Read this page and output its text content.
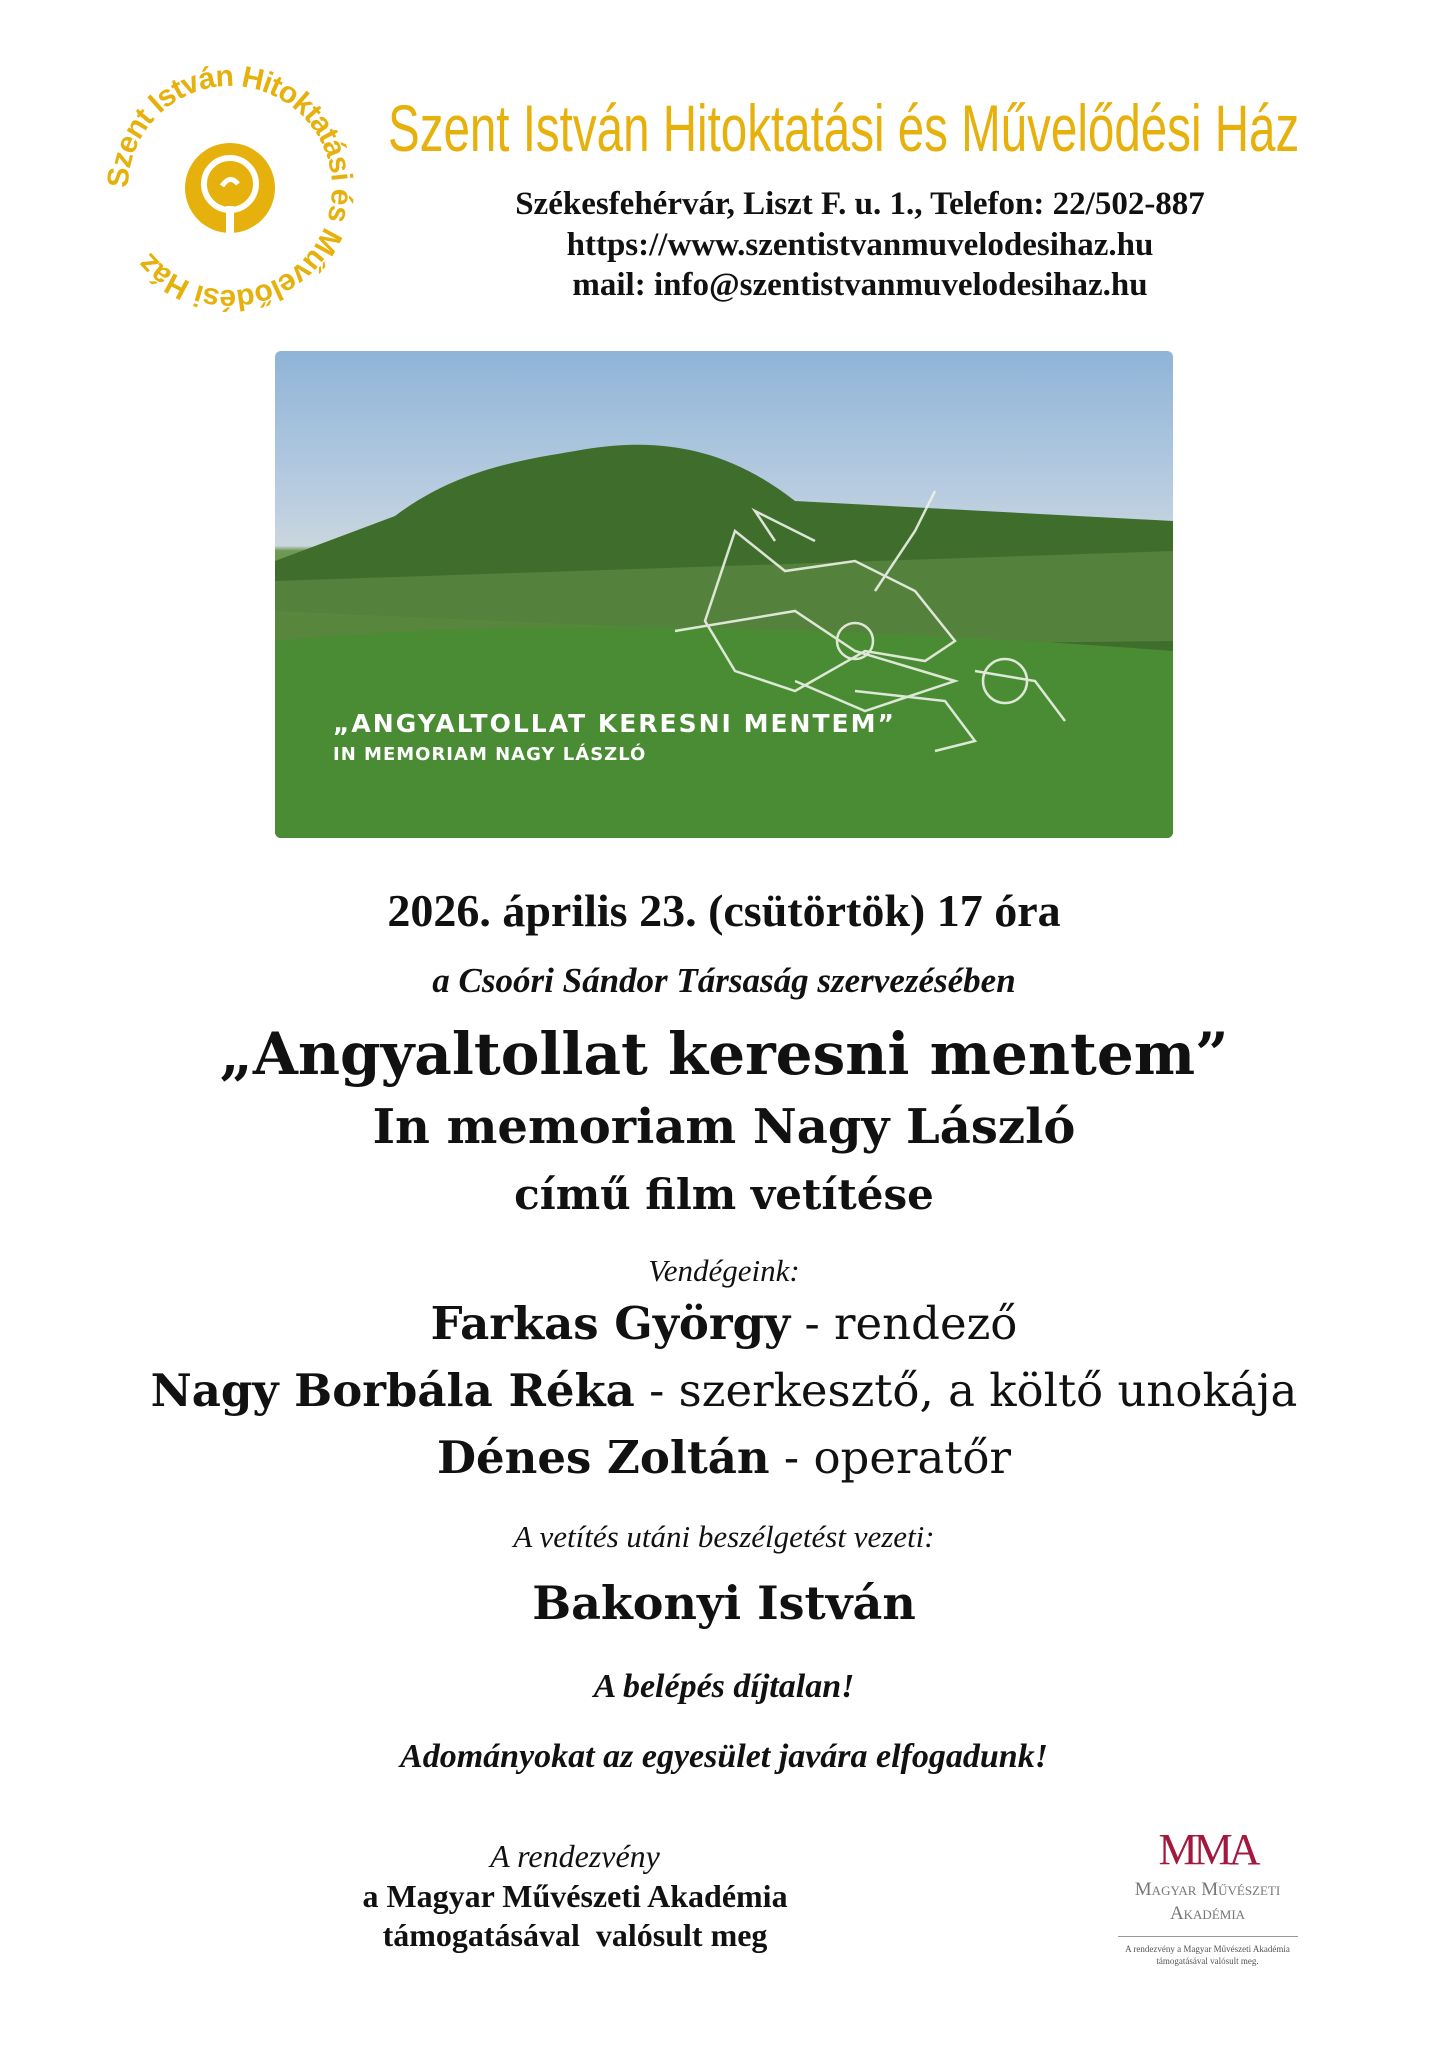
Szent István Hitoktatási és Művelődési Ház
Szent István Hitoktatási és Művelődési Ház
Székesfehérvár, Liszt F. u. 1., Telefon: 22/502-887
https://www.szentistvanmuvelodesihaz.hu
mail: info@szentistvanmuvelodesihaz.hu
„ANGYALTOLLAT KERESNI MENTEM”
IN MEMORIAM NAGY LÁSZLÓ
2026. április 23. (csütörtök) 17 óra
a Csoóri Sándor Társaság szervezésében
„Angyaltollat keresni mentem”
In memoriam Nagy László
című film vetítése
Vendégeink:
Farkas György - rendező
Nagy Borbála Réka - szerkesztő, a költő unokája
Dénes Zoltán - operatőr
A vetítés utáni beszélgetést vezeti:
Bakonyi István
A belépés díjtalan!
Adományokat az egyesület javára elfogadunk!
A rendezvény
a Magyar Művészeti Akadémia
támogatásával  valósult meg
MMA
Magyar Művészeti
Akadémia
A rendezvény a Magyar Művészeti Akadémia
támogatásával valósult meg.
